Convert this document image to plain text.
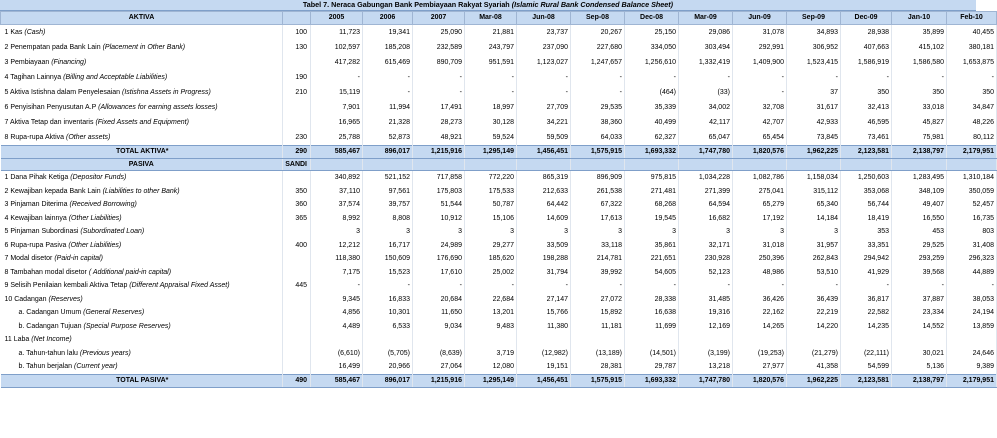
Tabel 7. Neraca Gabungan Bank Pembiayaan Rakyat Syariah (Islamic Rural Bank Condensed Balance Sheet)
AKTIVA		2005	2006	2007	Mar-08	Jun-08	Sep-08	Dec-08	Mar-09	Jun-09	Sep-09	Dec-09	Jan-10	Feb-10
1 Kas (Cash)	100	11,723	19,341	25,090	21,881	23,737	20,267	25,150	29,086	31,078	34,893	28,938	35,899	40,455
2 Penempatan pada Bank Lain (Placement in Other Bank)	130	102,597	185,208	232,589	243,797	237,090	227,680	334,050	303,494	292,991	306,952	407,663	415,102	380,181
3 Pembiayaan (Financing)		417,282	615,469	890,709	951,591	1,123,027	1,247,657	1,256,610	1,332,419	1,409,900	1,523,415	1,586,919	1,586,580	1,653,875
4 Tagihan Lainnya (Billing and Acceptable Liabilities)	190	-	-	-	-	-	-	-	-	-	-	-	-	-
5 Aktiva Istishna dalam Penyelesaian (Istishna Assets in Progress)	210	15,119	-	-	-	-	-	(464)	(33)	-	37	350	350	350
6 Penyisihan Penyusutan A.P (Allowances for earning assets losses)		7,901	11,994	17,491	18,997	27,709	29,535	35,339	34,002	32,708	31,617	32,413	33,018	34,847
7 Aktiva Tetap dan inventaris (Fixed Assets and Equipment)		16,965	21,328	28,273	30,128	34,221	38,360	40,499	42,117	42,707	42,933	46,595	45,827	48,226
8 Rupa-rupa Aktiva (Other assets)	230	25,788	52,873	48,921	59,524	59,509	64,033	62,327	65,047	65,454	73,845	73,461	75,981	80,112
TOTAL AKTIVA*	290	585,467	896,017	1,215,916	1,295,149	1,456,451	1,575,915	1,693,332	1,747,780	1,820,576	1,962,225	2,123,581	2,138,797	2,179,951
PASIVA	SANDI													
1 Dana Pihak Ketiga (Depositor Funds)		340,892	521,152	717,858	772,220	865,319	896,909	975,815	1,034,228	1,082,786	1,158,034	1,250,603	1,283,495	1,310,184
2 Kewajiban kepada Bank Lain (Liabilities to other Bank)	350	37,110	97,561	175,803	175,533	212,633	261,538	271,481	271,399	275,041	315,112	353,068	348,109	350,059
3 Pinjaman Diterima (Received Borrowing)	360	37,574	39,757	51,544	50,787	64,442	67,322	68,268	64,594	65,279	65,340	56,744	49,407	52,457
4 Kewajiban lainnya (Other Liabilities)	365	8,992	8,808	10,912	15,106	14,609	17,613	19,545	16,682	17,192	14,184	18,419	16,550	16,735
5 Pinjaman Subordinasi (Subordinated Loan)		3	3	3	3	3	3	3	3	3	3	353	453	803
6 Rupa-rupa Pasiva (Other Liabilities)	400	12,212	16,717	24,989	29,277	33,509	33,118	35,861	32,171	31,018	31,957	33,351	29,525	31,408
7 Modal disetor (Paid-in capital)		118,380	150,609	176,690	185,620	198,288	214,781	221,651	230,928	250,396	262,843	294,942	293,259	296,323
8 Tambahan modal disetor ( Additional paid-in capital)		7,175	15,523	17,610	25,002	31,794	39,992	54,605	52,123	48,986	53,510	41,929	39,568	44,889
9 Selisih Penilaian kembali Aktiva Tetap (Different Appraisal Fixed Asset)	445	-	-	-	-	-	-	-	-	-	-	-	-	-
10 Cadangan (Reserves)		9,345	16,833	20,684	22,684	27,147	27,072	28,338	31,485	36,426	36,439	36,817	37,887	38,053
a. Cadangan Umum (General Reserves)		4,856	10,301	11,650	13,201	15,766	15,892	16,638	19,316	22,162	22,219	22,582	23,334	24,194
b. Cadangan Tujuan (Special Purpose Reserves)		4,489	6,533	9,034	9,483	11,380	11,181	11,699	12,169	14,265	14,220	14,235	14,552	13,859
11 Laba (Net Income)														
a. Tahun-tahun lalu (Previous years)		(6,610)	(5,705)	(8,639)	3,719	(12,982)	(13,189)	(14,501)	(3,199)	(19,253)	(21,279)	(22,111)	30,021	24,646
b. Tahun berjalan (Current year)		16,499	20,966	27,064	12,080	19,151	28,381	29,787	13,218	27,977	41,358	54,599	5,136	9,389
TOTAL PASIVA*	490	585,467	896,017	1,215,916	1,295,149	1,456,451	1,575,915	1,693,332	1,747,780	1,820,576	1,962,225	2,123,581	2,138,797	2,179,951
